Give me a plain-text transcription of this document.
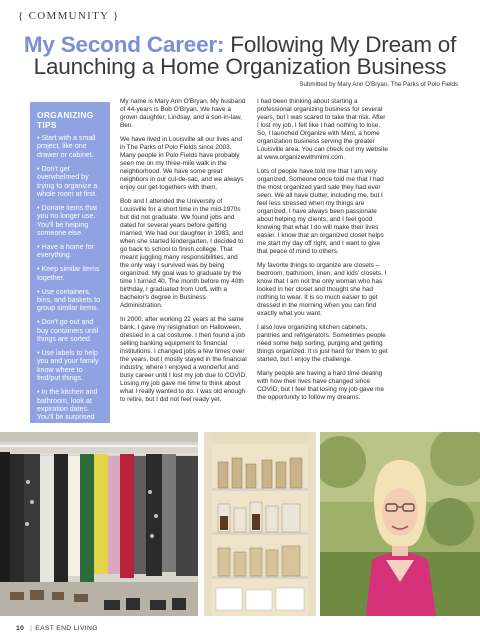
{ COMMUNITY }
My Second Career: Following My Dream of Launching a Home Organization Business
Submitted by Mary Ann O'Bryan, The Parks of Polo Fields
ORGANIZING TIPS
• Start with a small project, like one drawer or cabinet.
• Don't get overwhelmed by trying to organize a whole room at first.
• Donate items that you no longer use. You'll be helping someone else.
• Have a home for everything.
• Keep similar items together.
• Use containers, bins, and baskets to group similar items.
• Don't go out and buy containers until things are sorted.
• Use labels to help you and your family know where to find/put things.
• In the kitchen and bathroom, look at expiration dates. You'll be surprised how old something

My name is Mary Ann O'Bryan. My husband of 44-years is Bob O'Bryan. We have a grown daughter, Lindsay, and a son-in-law, Ben.

We have lived in Louisville all our lives and in The Parks of Polo Fields since 2003. Many people in Polo Fields have probably seen me on my three-mile walk in the neighborhood. We have some great neighbors in our cul-de-sac, and we always enjoy our get-togethers with them.

Bob and I attended the University of Louisville for a short time in the mid-1970s but did not graduate. We found jobs and dated for several years before getting married. We had our daughter in 1983, and when she started kindergarten, I decided to go back to school to finish college. That meant juggling many responsibilities, and the only way I survived was by being organized. My goal was to graduate by the time I turned 40. The month before my 40th birthday, I graduated from UofL with a bachelor's degree in Business Administration.

In 2000, after working 22 years at the same bank, I gave my resignation on Halloween, dressed in a cat costume. I then found a job selling banking equipment to financial institutions. I changed jobs a few times over the years, but I mostly stayed in the financial industry, where I enjoyed a wonderful and busy career until I lost my job due to COVID. Losing my job gave me time to think about what I really wanted to do. I was old enough to retire, but I did not feel ready yet.

I had been thinking about starting a professional organizing business for several years, but I was scared to take that risk. After I lost my job, I felt like I had nothing to lose. So, I launched Organize with Mimi, a home organization business serving the greater Louisville area. You can check out my website at www.organizewithmimi.com.

Lots of people have told me that I am very organized. Someone once told me that I had the most organized yard sale they had ever seen. We all have clutter, including me, but I feel less stressed when my things are organized. I have always been passionate about helping my clients, and I feel good knowing that what I do will make their lives easier. I know that an organized closet helps me start my day off right, and I want to give that peace of mind to others.

My favorite things to organize are closets – bedroom, bathroom, linen, and kids' closets. I know that I am not the only woman who has looked in her closet and thought she had nothing to wear. It is so much easier to get dressed in the morning when you can find exactly what you want.

I also love organizing kitchen cabinets, pantries and refrigerators. Sometimes people need some help sorting, purging and getting things organized. It is just hard for them to get started, but I enjoy the challenge.

Many people are having a hard time dealing with how their lives have changed since COVID, but I feel that losing my job gave me the opportunity to follow my dreams.

10 | EAST END LIVING
